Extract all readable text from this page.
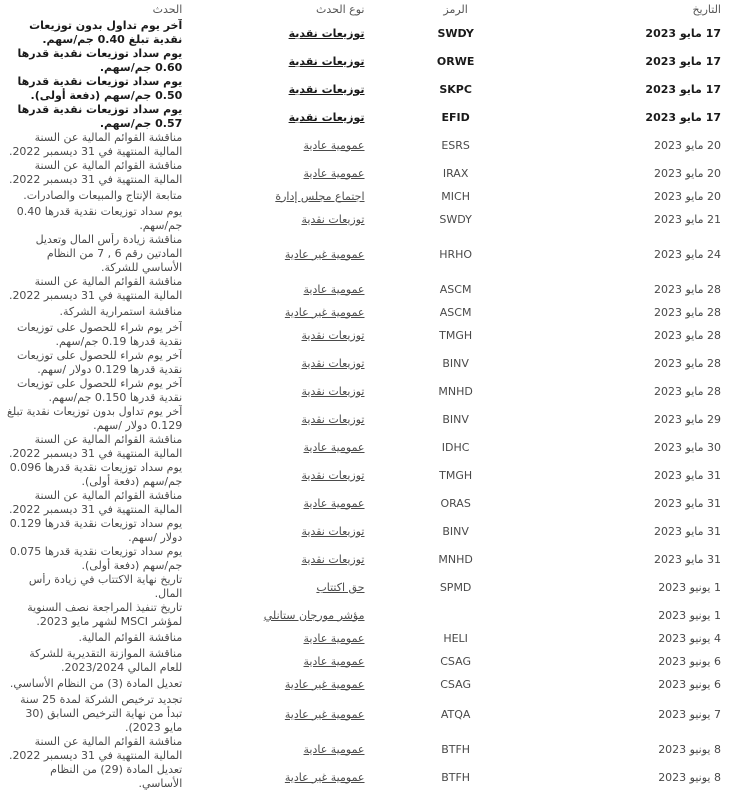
التاريخ	الرمز	نوع الحدث	الحدث
17 مايو 2023	SWDY	توزيعات نقدية	آخر يوم تداول بدون توزيعات نقدية تبلغ 0.40 جم/سهم.
17 مايو 2023	ORWE	توزيعات نقدية	يوم سداد توزيعات نقدية قدرها 0.60 جم/سهم.
17 مايو 2023	SKPC	توزيعات نقدية	يوم سداد توزيعات نقدية قدرها 0.50 جم/سهم (دفعة أولى).
17 مايو 2023	EFID	توزيعات نقدية	يوم سداد توزيعات نقدية قدرها 0.57 جم/سهم.
20 مايو 2023	ESRS	عمومية عادية	مناقشة القوائم المالية عن السنة المالية المنتهية في 31 ديسمبر 2022.
20 مايو 2023	IRAX	عمومية عادية	مناقشة القوائم المالية عن السنة المالية المنتهية في 31 ديسمبر 2022.
20 مايو 2023	MICH	اجتماع مجلس إدارة	متابعة الإنتاج والمبيعات والصادرات.
21 مايو 2023	SWDY	توزيعات نقدية	يوم سداد توزيعات نقدية قدرها 0.40 جم/سهم.
24 مايو 2023	HRHO	عمومية غير عادية	مناقشة زيادة رأس المال وتعديل المادتين رقم 6 , 7 من النظام الأساسي للشركة.
28 مايو 2023	ASCM	عمومية عادية	مناقشة القوائم المالية عن السنة المالية المنتهية في 31 ديسمبر 2022.
28 مايو 2023	ASCM	عمومية غير عادية	مناقشة استمرارية الشركة.
28 مايو 2023	TMGH	توزيعات نقدية	آخر يوم شراء للحصول على توزيعات نقدية قدرها 0.19 جم/سهم.
28 مايو 2023	BINV	توزيعات نقدية	آخر يوم شراء للحصول على توزيعات نقدية قدرها 0.129 دولار /سهم.
28 مايو 2023	MNHD	توزيعات نقدية	آخر يوم شراء للحصول على توزيعات نقدية قدرها 0.150 جم/سهم.
29 مايو 2023	BINV	توزيعات نقدية	آخر يوم تداول بدون توزيعات نقدية تبلغ 0.129 دولار /سهم.
30 مايو 2023	IDHC	عمومية عادية	مناقشة القوائم المالية عن السنة المالية المنتهية في 31 ديسمبر 2022.
31 مايو 2023	TMGH	توزيعات نقدية	يوم سداد توزيعات نقدية قدرها 0.096 جم/سهم (دفعة أولى).
31 مايو 2023	ORAS	عمومية عادية	مناقشة القوائم المالية عن السنة المالية المنتهية في 31 ديسمبر 2022.
31 مايو 2023	BINV	توزيعات نقدية	يوم سداد توزيعات نقدية قدرها 0.129 دولار /سهم.
31 مايو 2023	MNHD	توزيعات نقدية	يوم سداد توزيعات نقدية قدرها 0.075 جم/سهم (دفعة أولى).
1 يونيو 2023	SPMD	حق اكتتاب	تاريخ نهاية الاكتتاب في زيادة رأس المال.
1 يونيو 2023		مؤشر مورجان ستانلي	تاريخ تنفيذ المراجعة نصف السنوية لمؤشر MSCI لشهر مايو 2023.
4 يونيو 2023	HELI	عمومية عادية	مناقشة القوائم المالية.
6 يونيو 2023	CSAG	عمومية عادية	مناقشة الموازنة التقديرية للشركة للعام المالي 2023/2024.
6 يونيو 2023	CSAG	عمومية غير عادية	تعديل المادة (3) من النظام الأساسي.
7 يونيو 2023	ATQA	عمومية غير عادية	تجديد ترخيص الشركة لمدة 25 سنة تبدأ من نهاية الترخيص السابق (30 مايو 2023).
8 يونيو 2023	BTFH	عمومية عادية	مناقشة القوائم المالية عن السنة المالية المنتهية في 31 ديسمبر 2022.
8 يونيو 2023	BTFH	عمومية غير عادية	تعديل المادة (29) من النظام الأساسي.
